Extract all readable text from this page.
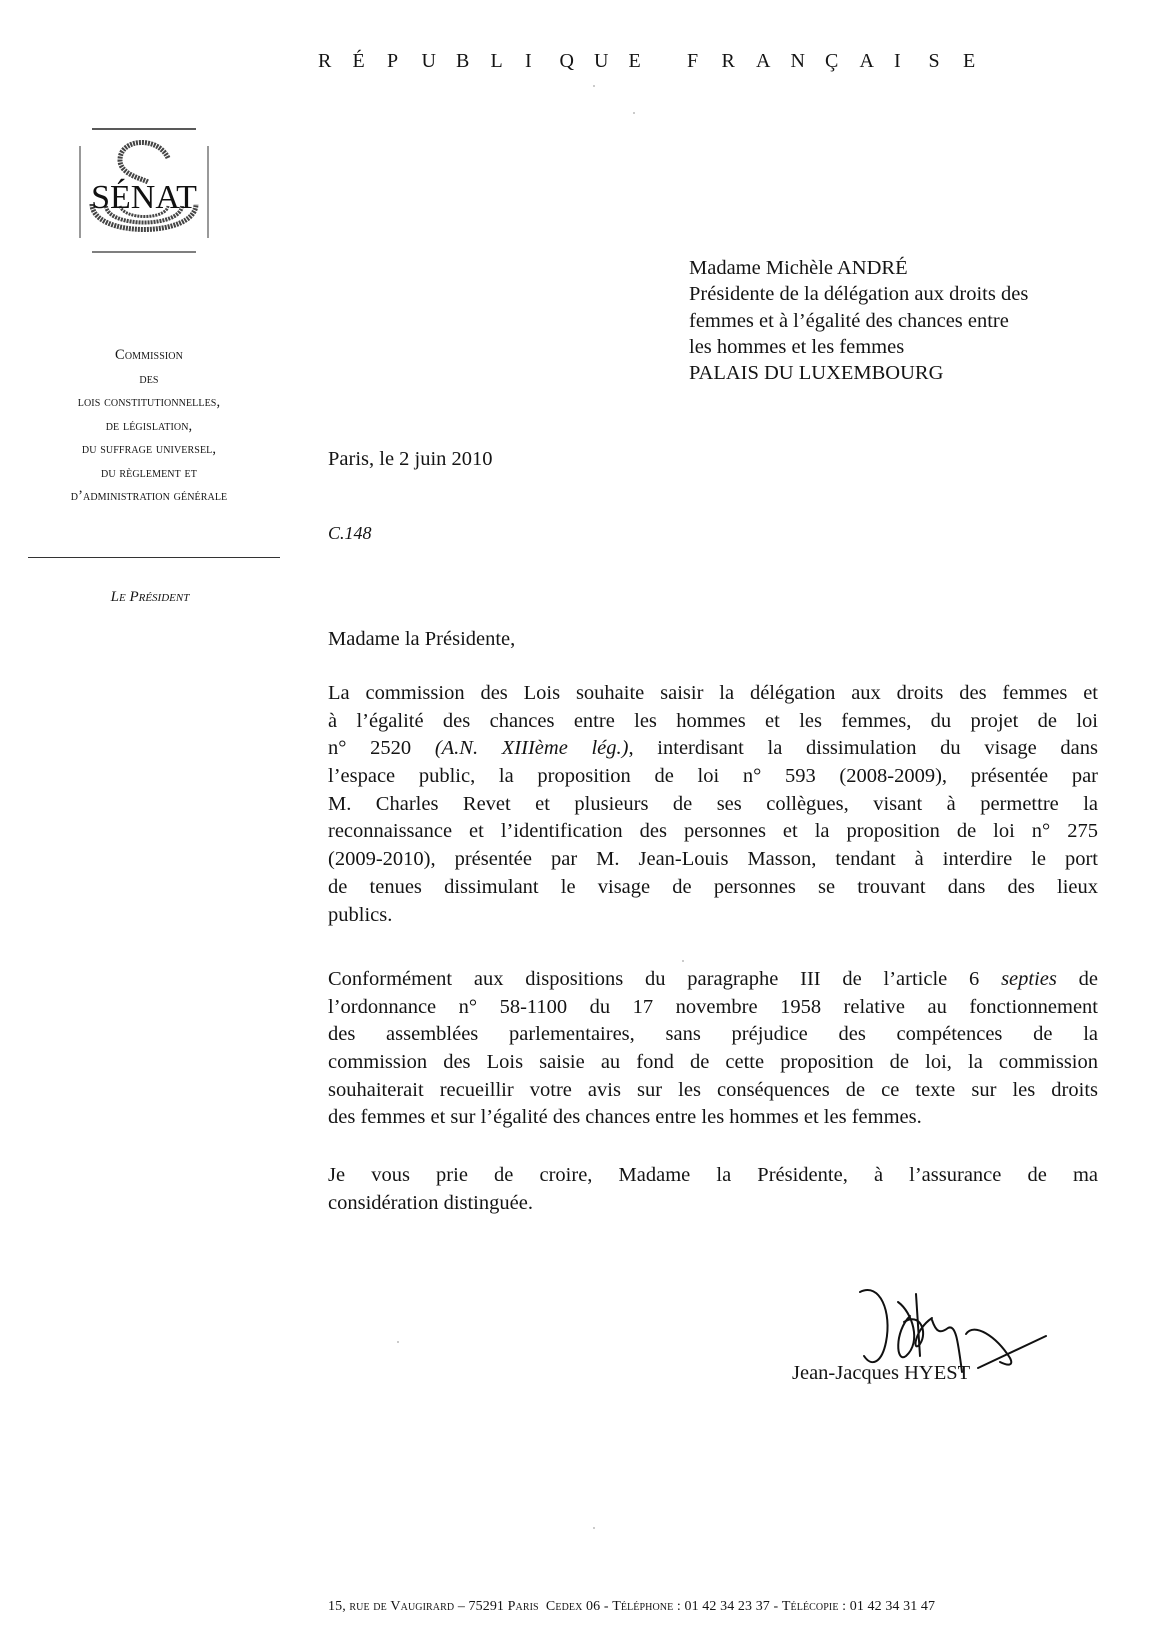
R É P U B L I Q U E F R A N Ç A I S E
SÉNAT
Commission
des
lois constitutionnelles,
de législation,
du suffrage universel,
du règlement et
d’administration générale
Le Président
Madame Michèle ANDRÉ
Présidente de la délégation aux droits des
femmes et à l’égalité des chances entre
les hommes et les femmes
PALAIS DU LUXEMBOURG
Paris, le 2 juin 2010
C.148
Madame la Présidente,
La commission des Lois souhaite saisir la délégation aux droits des femmes et
à l’égalité des chances entre les hommes et les femmes, du projet de loi
n° 2520 (A.N. XIIIème lég.), interdisant la dissimulation du visage dans
l’espace public, la proposition de loi n° 593 (2008-2009), présentée par
M. Charles Revet et plusieurs de ses collègues, visant à permettre la
reconnaissance et l’identification des personnes et la proposition de loi n° 275
(2009-2010), présentée par M. Jean-Louis Masson, tendant à interdire le port
de tenues dissimulant le visage de personnes se trouvant dans des lieux
publics.
Conformément aux dispositions du paragraphe III de l’article 6 septies de
l’ordonnance n° 58-1100 du 17 novembre 1958 relative au fonctionnement
des assemblées parlementaires, sans préjudice des compétences de la
commission des Lois saisie au fond de cette proposition de loi, la commission
souhaiterait recueillir votre avis sur les conséquences de ce texte sur les droits
des femmes et sur l’égalité des chances entre les hommes et les femmes.
Je vous prie de croire, Madame la Présidente, à l’assurance de ma
considération distinguée.
Jean-Jacques HYEST
15, rue de Vaugirard – 75291 Paris Cedex 06 - Téléphone : 01 42 34 23 37 - Télécopie : 01 42 34 31 47
